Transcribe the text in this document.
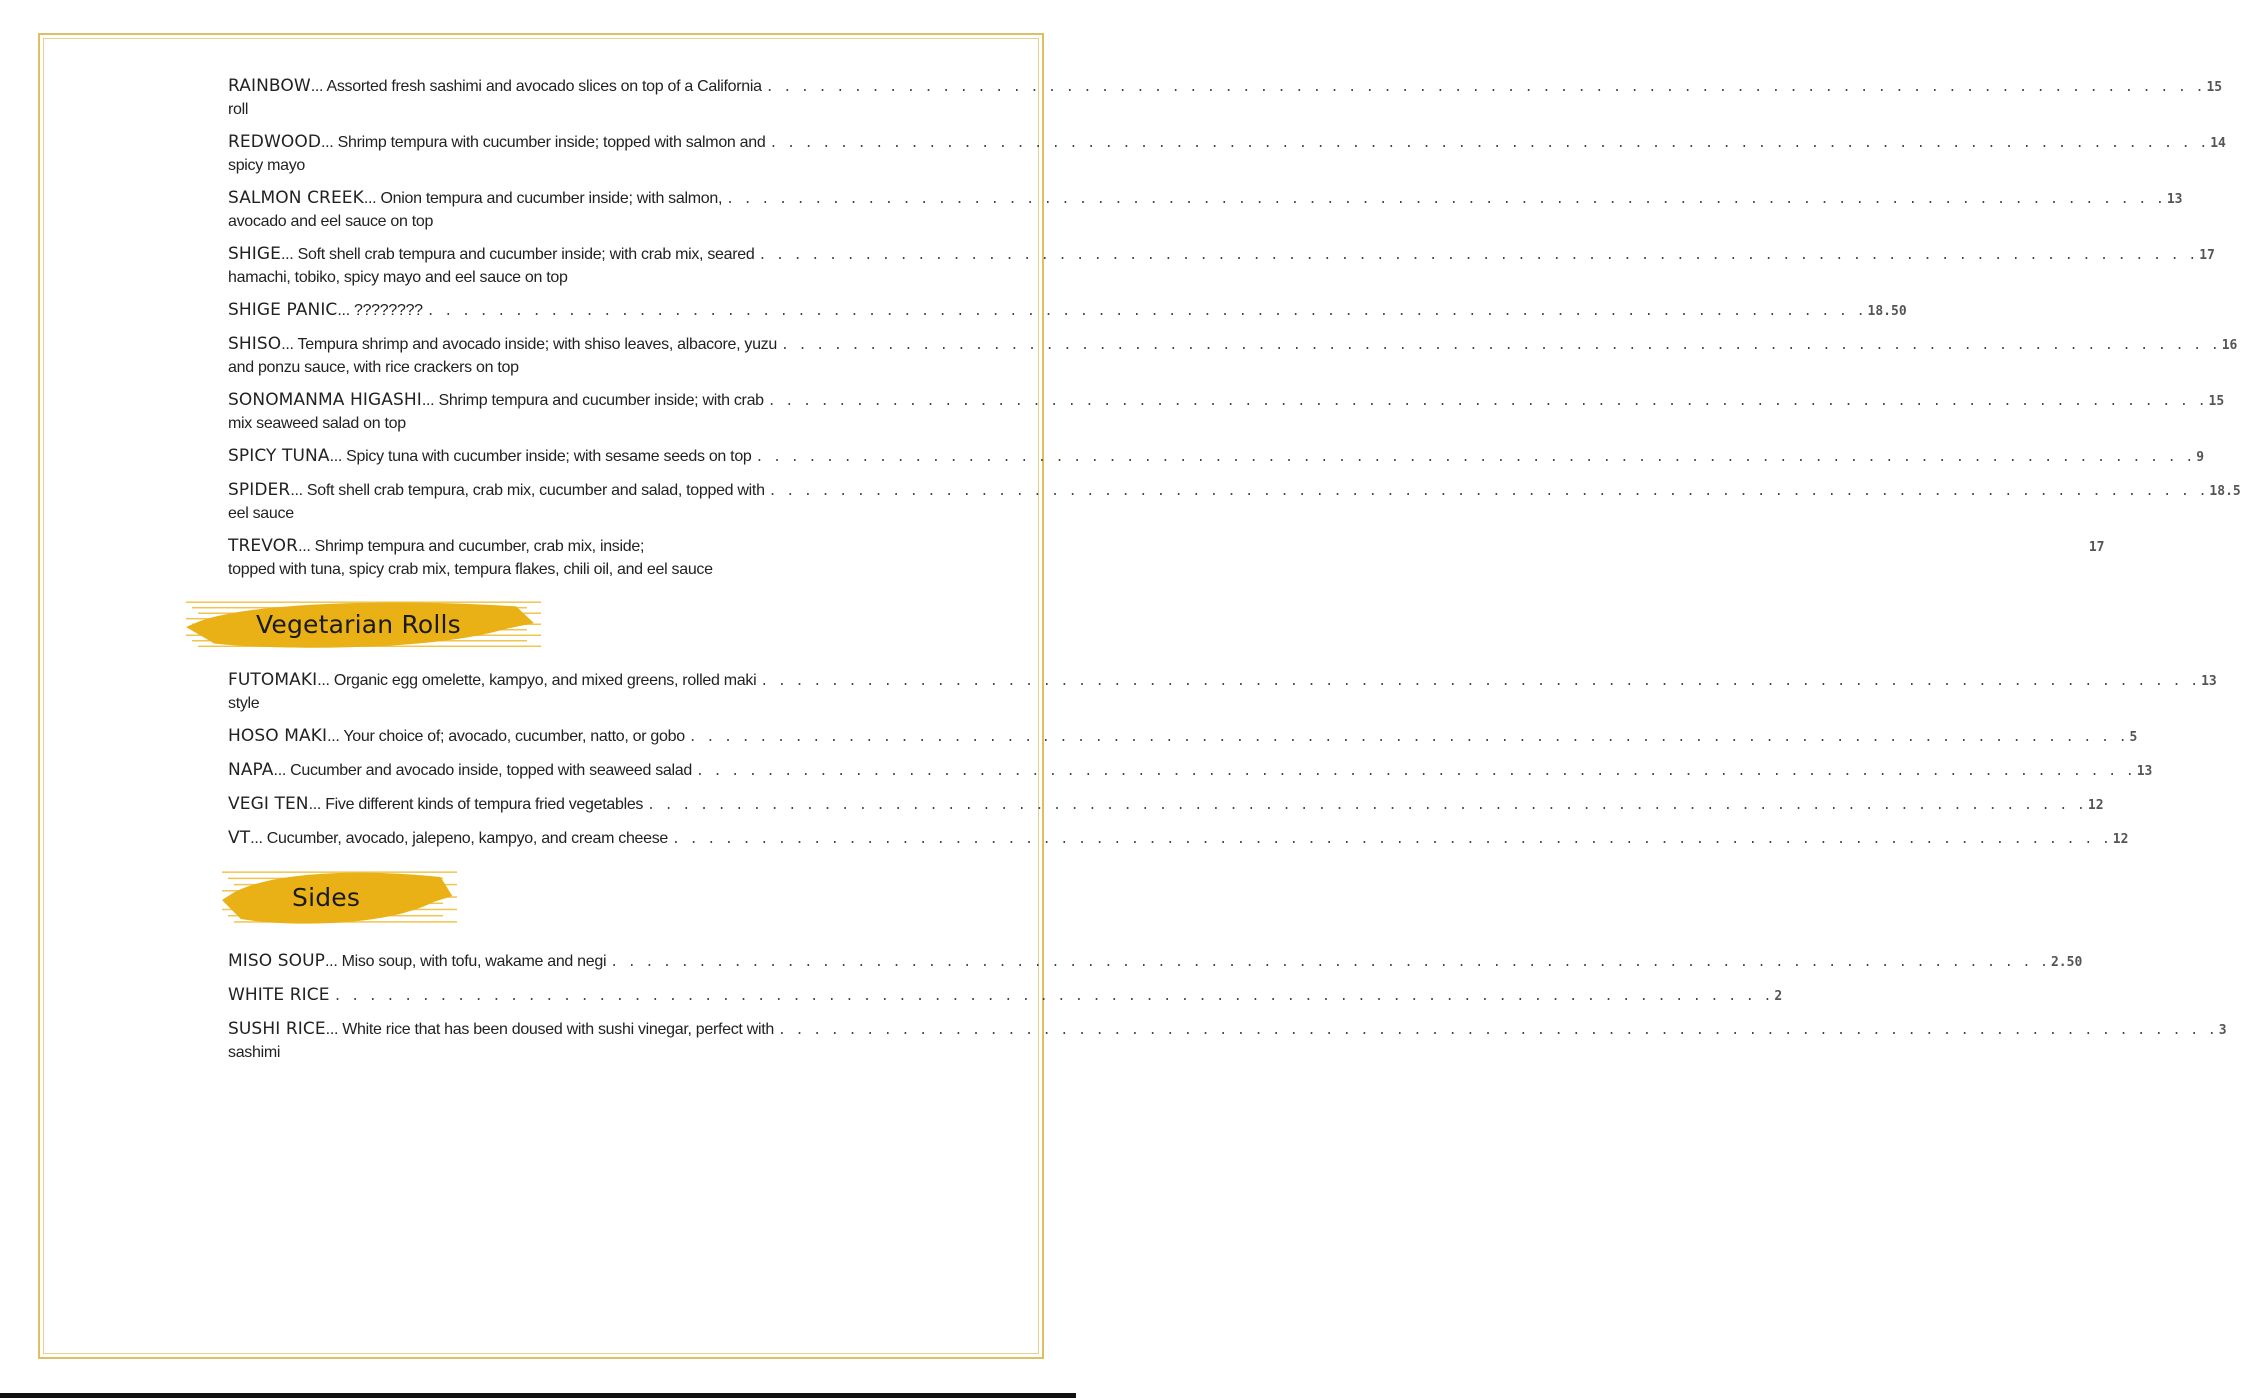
RAINBOW ... Assorted fresh sashimi and avocado slices on top of a California . . . . . . . . . . . . . . . . . . . . . . . . . . . . . . . . . . . . . . . . . . . . . . . . . . . . . . . . . . . . . . . . . . . . . . . . . . . . . . . . . . 15
roll
REDWOOD ... Shrimp tempura with cucumber inside; topped with salmon and . . . . . . . . . . . . . . . . . . . . . . . . . . . . . . . . . . . . . . . . . . . . . . . . . . . . . . . . . . . . . . . . . . . . . . . . . . . . . . . . . . 14
spicy mayo
SALMON CREEK ... Onion tempura and cucumber inside; with salmon, . . . . . . . . . . . . . . . . . . . . . . . . . . . . . . . . . . . . . . . . . . . . . . . . . . . . . . . . . . . . . . . . . . . . . . . . . . . . . . . . . . 13
avocado and eel sauce on top
SHIGE ... Soft shell crab tempura and cucumber inside; with crab mix, seared . . . . . . . . . . . . . . . . . . . . . . . . . . . . . . . . . . . . . . . . . . . . . . . . . . . . . . . . . . . . . . . . . . . . . . . . . . . . . . . . . . 17
hamachi, tobiko, spicy mayo and eel sauce on top
SHIGE PANIC ... ???????? . . . . . . . . . . . . . . . . . . . . . . . . . . . . . . . . . . . . . . . . . . . . . . . . . . . . . . . . . . . . . . . . . . . . . . . . . . . . . . . . . . 18.50
SHISO ... Tempura shrimp and avocado inside; with shiso leaves, albacore, yuzu . . . . . . . . . . . . . . . . . . . . . . . . . . . . . . . . . . . . . . . . . . . . . . . . . . . . . . . . . . . . . . . . . . . . . . . . . . . . . . . . . . 16
and ponzu sauce, with rice crackers on top
SONOMANMA HIGASHI ... Shrimp tempura and cucumber inside; with crab . . . . . . . . . . . . . . . . . . . . . . . . . . . . . . . . . . . . . . . . . . . . . . . . . . . . . . . . . . . . . . . . . . . . . . . . . . . . . . . . . . 15
mix seaweed salad on top
SPICY TUNA ... Spicy tuna with cucumber inside; with sesame seeds on top . . . . . . . . . . . . . . . . . . . . . . . . . . . . . . . . . . . . . . . . . . . . . . . . . . . . . . . . . . . . . . . . . . . . . . . . . . . . . . . . . . 9
SPIDER ... Soft shell crab tempura, crab mix, cucumber and salad, topped with . . . . . . . . . . . . . . . . . . . . . . . . . . . . . . . . . . . . . . . . . . . . . . . . . . . . . . . . . . . . . . . . . . . . . . . . . . . . . . . . . . 18.5
eel sauce
TREVOR ... Shrimp tempura and cucumber, crab mix, inside;	17
topped with tuna, spicy crab mix, tempura flakes, chili oil, and eel sauce
Vegetarian Rolls
FUTOMAKI ... Organic egg omelette, kampyo, and mixed greens, rolled maki . . . . . . . . . . . . . . . . . . . . . . . . . . . . . . . . . . . . . . . . . . . . . . . . . . . . . . . . . . . . . . . . . . . . . . . . . . . . . . . . . . 13
style
HOSO MAKI ... Your choice of; avocado, cucumber, natto, or gobo . . . . . . . . . . . . . . . . . . . . . . . . . . . . . . . . . . . . . . . . . . . . . . . . . . . . . . . . . . . . . . . . . . . . . . . . . . . . . . . . . . 5
NAPA ... Cucumber and avocado inside, topped with seaweed salad . . . . . . . . . . . . . . . . . . . . . . . . . . . . . . . . . . . . . . . . . . . . . . . . . . . . . . . . . . . . . . . . . . . . . . . . . . . . . . . . . . 13
VEGI TEN ... Five different kinds of tempura fried vegetables . . . . . . . . . . . . . . . . . . . . . . . . . . . . . . . . . . . . . . . . . . . . . . . . . . . . . . . . . . . . . . . . . . . . . . . . . . . . . . . . . . 12
VT ... Cucumber, avocado, jalepeno, kampyo, and cream cheese . . . . . . . . . . . . . . . . . . . . . . . . . . . . . . . . . . . . . . . . . . . . . . . . . . . . . . . . . . . . . . . . . . . . . . . . . . . . . . . . . . 12
Sides
MISO SOUP ... Miso soup, with tofu, wakame and negi . . . . . . . . . . . . . . . . . . . . . . . . . . . . . . . . . . . . . . . . . . . . . . . . . . . . . . . . . . . . . . . . . . . . . . . . . . . . . . . . . . 2.50
WHITE RICE . . . . . . . . . . . . . . . . . . . . . . . . . . . . . . . . . . . . . . . . . . . . . . . . . . . . . . . . . . . . . . . . . . . . . . . . . . . . . . . . . . 2
SUSHI RICE ... White rice that has been doused with sushi vinegar, perfect with . . . . . . . . . . . . . . . . . . . . . . . . . . . . . . . . . . . . . . . . . . . . . . . . . . . . . . . . . . . . . . . . . . . . . . . . . . . . . . . . . . 3
sashimi
